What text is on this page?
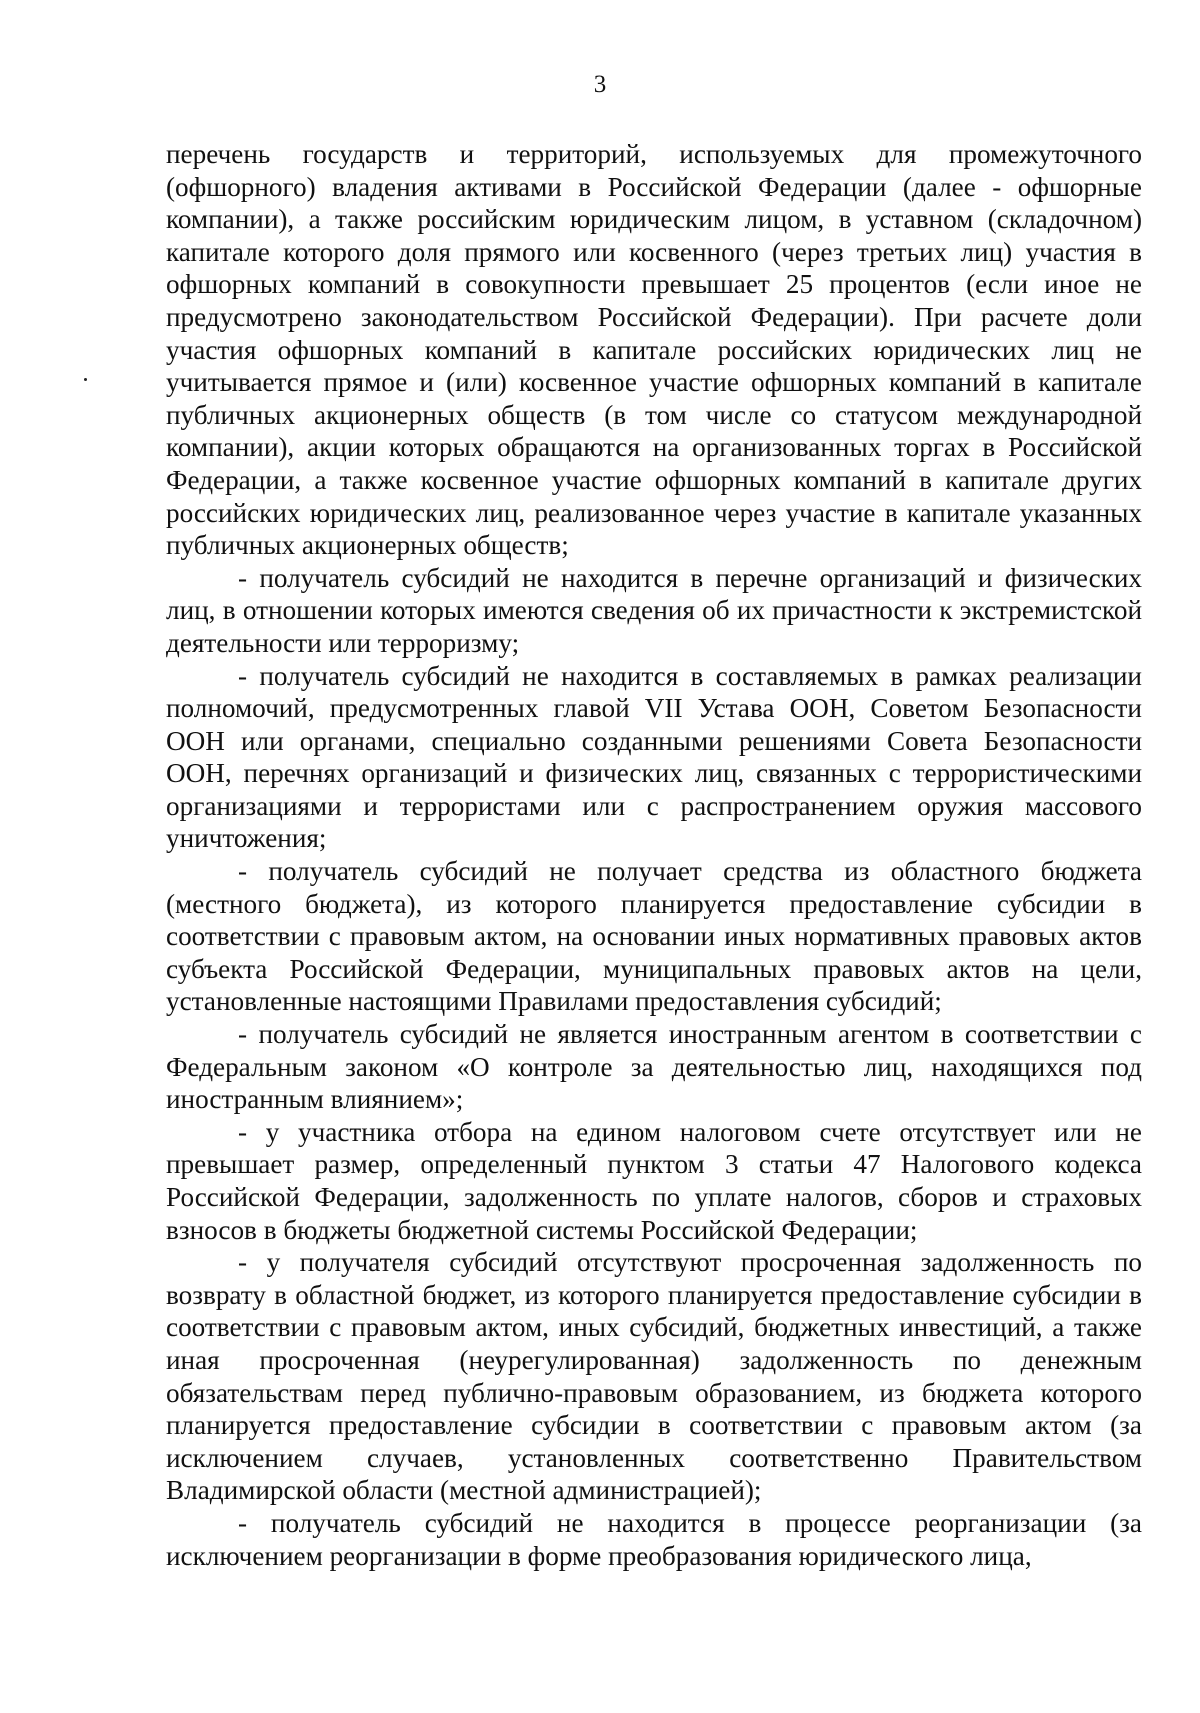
3

перечень государств и территорий, используемых для промежуточного (офшорного) владения активами в Российской Федерации (далее - офшорные компании), а также российским юридическим лицом, в уставном (складочном) капитале которого доля прямого или косвенного (через третьих лиц) участия в офшорных компаний в совокупности превышает 25 процентов (если иное не предусмотрено законодательством Российской Федерации). При расчете доли участия офшорных компаний в капитале российских юридических лиц не учитывается прямое и (или) косвенное участие офшорных компаний в капитале публичных акционерных обществ (в том числе со статусом международной компании), акции которых обращаются на организованных торгах в Российской Федерации, а также косвенное участие офшорных компаний в капитале других российских юридических лиц, реализованное через участие в капитале указанных публичных акционерных обществ;

- получатель субсидий не находится в перечне организаций и физических лиц, в отношении которых имеются сведения об их причастности к экстремистской деятельности или терроризму;

- получатель субсидий не находится в составляемых в рамках реализации полномочий, предусмотренных главой VII Устава ООН, Советом Безопасности ООН или органами, специально созданными решениями Совета Безопасности ООН, перечнях организаций и физических лиц, связанных с террористическими организациями и террористами или с распространением оружия массового уничтожения;

- получатель субсидий не получает средства из областного бюджета (местного бюджета), из которого планируется предоставление субсидии в соответствии с правовым актом, на основании иных нормативных правовых актов субъекта Российской Федерации, муниципальных правовых актов на цели, установленные настоящими Правилами предоставления субсидий;

- получатель субсидий не является иностранным агентом в соответствии с Федеральным законом «О контроле за деятельностью лиц, находящихся под иностранным влиянием»;

- у участника отбора на едином налоговом счете отсутствует или не превышает размер, определенный пунктом 3 статьи 47 Налогового кодекса Российской Федерации, задолженность по уплате налогов, сборов и страховых взносов в бюджеты бюджетной системы Российской Федерации;

- у получателя субсидий отсутствуют просроченная задолженность по возврату в областной бюджет, из которого планируется предоставление субсидии в соответствии с правовым актом, иных субсидий, бюджетных инвестиций, а также иная просроченная (неурегулированная) задолженность по денежным обязательствам перед публично-правовым образованием, из бюджета которого планируется предоставление субсидии в соответствии с правовым актом (за исключением случаев, установленных соответственно Правительством Владимирской области (местной администрацией);

- получатель субсидий не находится в процессе реорганизации (за исключением реорганизации в форме преобразования юридического лица,
